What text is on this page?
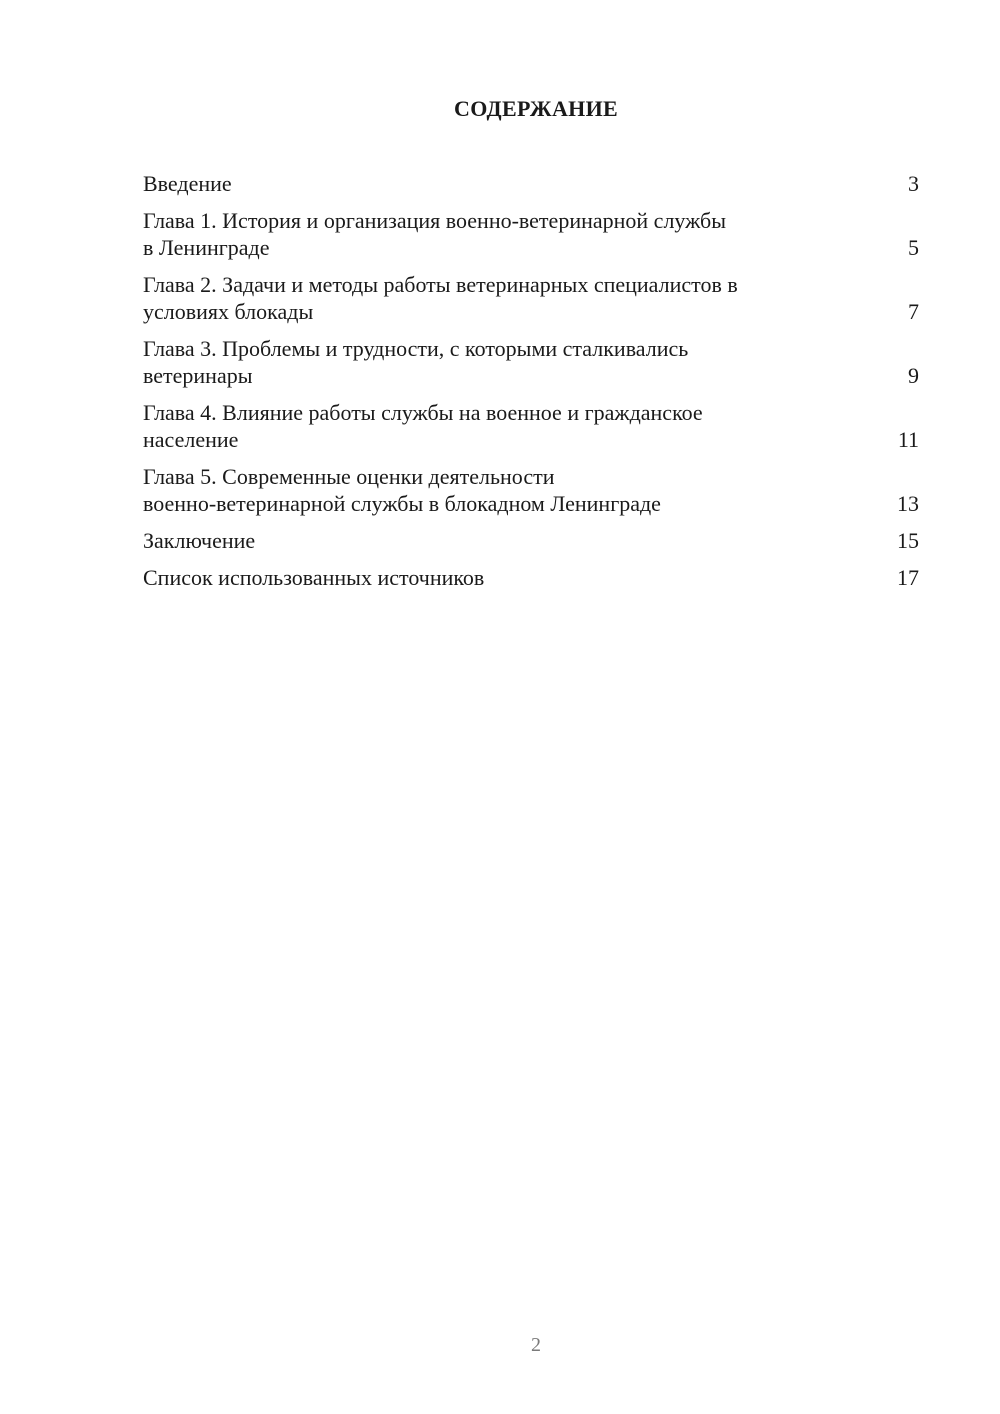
СОДЕРЖАНИЕ
Введение	3
Глава 1. История и организация военно-ветеринарной службы
в Ленинграде	5
Глава 2. Задачи и методы работы ветеринарных специалистов в
условиях блокады	7
Глава 3. Проблемы и трудности, с которыми сталкивались
ветеринары	9
Глава 4. Влияние работы службы на военное и гражданское
население	11
Глава 5. Современные оценки деятельности
военно-ветеринарной службы в блокадном Ленинграде	13
Заключение	15
Список использованных источников	17
2
